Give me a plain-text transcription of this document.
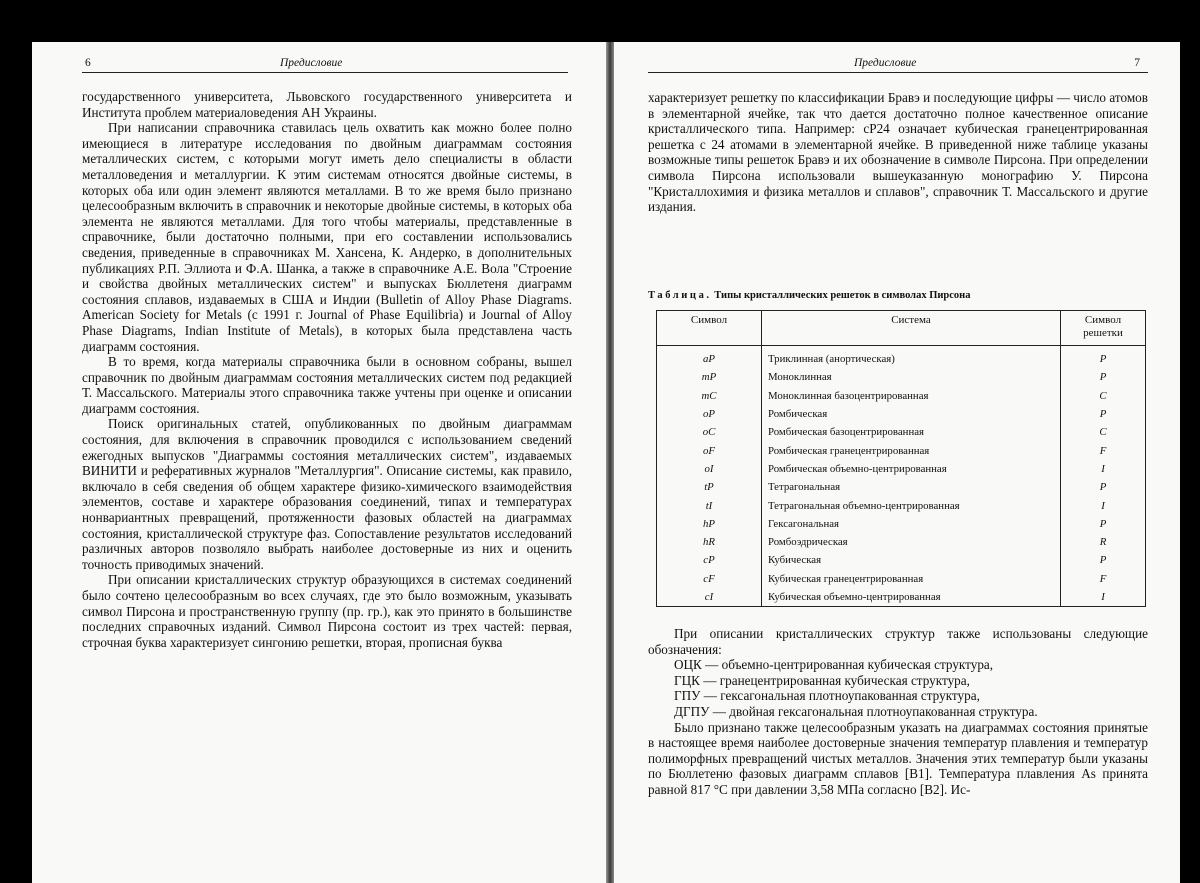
6	Предисловие

государственного университета, Львовского государственного университета и Института проблем материаловедения АН Украины.

При написании справочника ставилась цель охватить как можно более полно имеющиеся в литературе исследования по двойным диаграммам состояния металлических систем, с которыми могут иметь дело специалисты в области металловедения и металлургии. К этим системам относятся двойные системы, в которых оба или один элемент являются металлами. В то же время было признано целесообразным включить в справочник и некоторые двойные системы, в которых оба элемента не являются металлами. Для того чтобы материалы, представленные в справочнике, были достаточно полными, при его составлении использовались сведения, приведенные в справочниках М. Хансена, К. Андерко, в дополнительных публикациях Р.П. Эллиота и Ф.А. Шанка, а также в справочнике А.Е. Вола "Строение и свойства двойных металлических систем" и выпусках Бюллетеня диаграмм состояния сплавов, издаваемых в США и Индии (Bulletin of Alloy Phase Diagrams. American Society for Metals (с 1991 г. Journal of Phase Equilibria) и Journal of Alloy Phase Diagrams, Indian Institute of Metals), в которых была представлена часть диаграмм состояния.

В то время, когда материалы справочника были в основном собраны, вышел справочник по двойным диаграммам состояния металлических систем под редакцией Т. Массальского. Материалы этого справочника также учтены при оценке и описании диаграмм состояния.

Поиск оригинальных статей, опубликованных по двойным диаграммам состояния, для включения в справочник проводился с использованием сведений ежегодных выпусков "Диаграммы состояния металлических систем", издаваемых ВИНИТИ и реферативных журналов "Металлургия". Описание системы, как правило, включало в себя сведения об общем характере физико-химического взаимодействия элементов, составе и характере образования соединений, типах и температурах нонвариантных превращений, протяженности фазовых областей на диаграммах состояния, кристаллической структуре фаз. Сопоставление результатов исследований различных авторов позволяло выбрать наиболее достоверные из них и оценить точность приводимых значений.

При описании кристаллических структур образующихся в системах соединений было сочтено целесообразным во всех случаях, где это было возможным, указывать символ Пирсона и пространственную группу (пр. гр.), как это принято в большинстве последних справочных изданий. Символ Пирсона состоит из трех частей: первая, строчная буква характеризует сингонию решетки, вторая, прописная буква

Предисловие	7

характеризует решетку по классификации Бравэ и последующие цифры — число атомов в элементарной ячейке, так что дается достаточно полное качественное описание кристаллического типа. Например: cP24 означает кубическая гранецентрированная решетка с 24 атомами в элементарной ячейке. В приведенной ниже таблице указаны возможные типы решеток Бравэ и их обозначение в символе Пирсона. При определении символа Пирсона использовали вышеуказанную монографию У. Пирсона "Кристаллохимия и физика металлов и сплавов", справочник Т. Массальского и другие издания.

Таблица. Типы кристаллических решеток в символах Пирсона
Символ	Система	Символ решетки
aP	Триклинная (анортическая)	P
mP	Моноклинная	P
mC	Моноклинная базоцентрированная	C
oP	Ромбическая	P
oC	Ромбическая базоцентрированная	C
oF	Ромбическая гранецентрированная	F
oI	Ромбическая объемно-центрированная	I
tP	Тетрагональная	P
tI	Тетрагональная объемно-центрированная	I
hP	Гексагональная	P
hR	Ромбоэдрическая	R
cP	Кубическая	P
cF	Кубическая гранецентрированная	F
cI	Кубическая объемно-центрированная	I

При описании кристаллических структур также использованы следующие обозначения:

ОЦК — объемно-центрированная кубическая структура,

ГЦК — гранецентрированная кубическая структура,

ГПУ — гексагональная плотноупакованная структура,

ДГПУ — двойная гексагональная плотноупакованная структура.

Было признано также целесообразным указать на диаграммах состояния принятые в настоящее время наиболее достоверные значения температур плавления и температур полиморфных превращений чистых металлов. Значения этих температур были указаны по Бюллетеню фазовых диаграмм сплавов [B1]. Температура плавления As принята равной 817 °С при давлении 3,58 МПа согласно [B2]. Ис-
